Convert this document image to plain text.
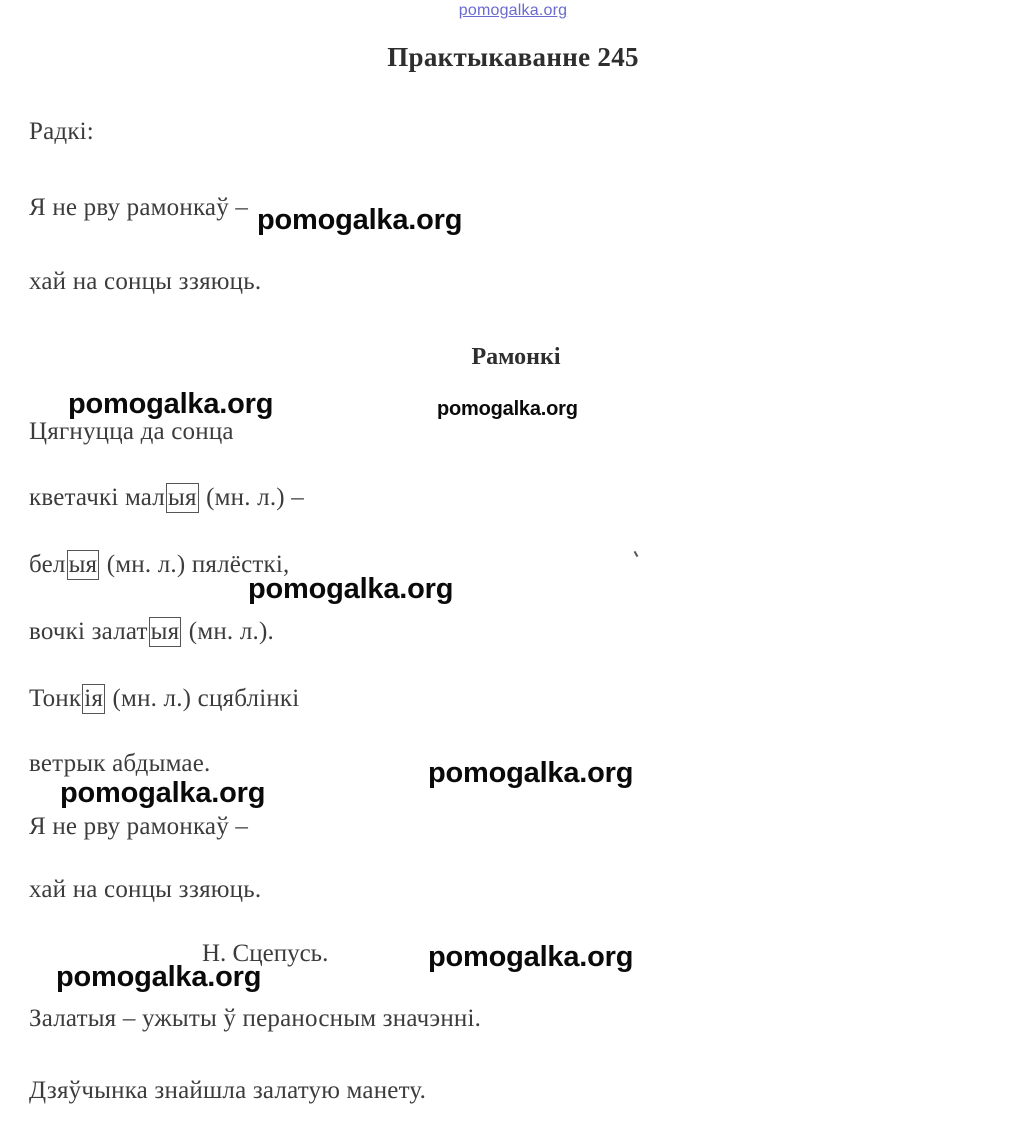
pomogalka.org
Практыкаванне 245
Радкі:
Я не рву рамонкаў –
хай на сонцы ззяюць.
Рамонкі
Цягнуцца да сонца
кветачкі мал ыя (мн. л.) –
бел ыя (мн. л.) пялёсткі,
вочкі залат ыя (мн. л.).
Тонк ія (мн. л.) сцяблінкі
ветрык абдымае.
Я не рву рамонкаў –
хай на сонцы ззяюць.
Н. Сцепусь.
Залатыя – ужыты ў пераносным значэнні.
Дзяўчынка знайшла залатую манету.
pomogalka.org
pomogalka.org	pomogalka.org
pomogalka.org
pomogalka.org
pomogalka.org
pomogalka.org
pomogalka.org
